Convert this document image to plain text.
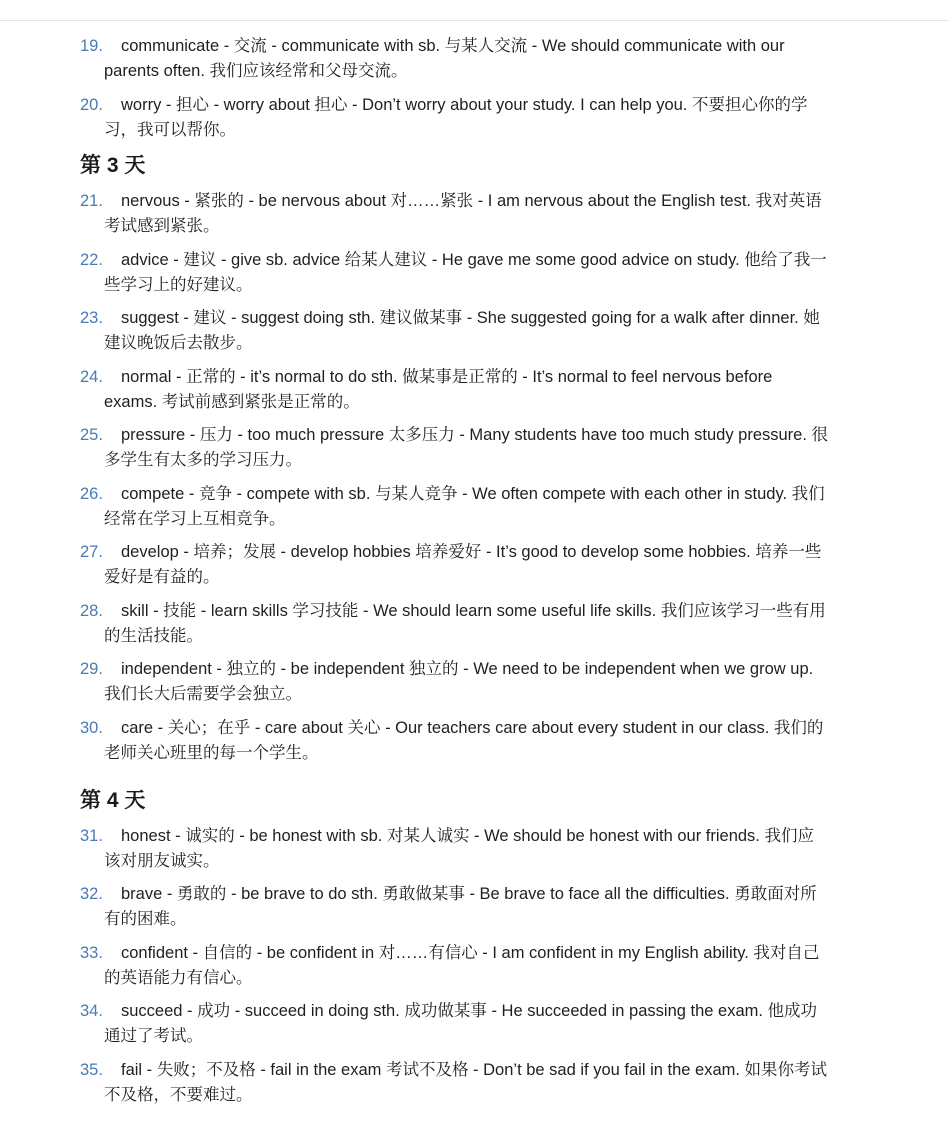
19.	communicate - 交流 - communicate with sb. 与某人交流 - We should communicate with our parents often. 我们应该经常和父母交流。
20.	worry - 担心 - worry about 担心 - Don’t worry about your study. I can help you. 不要担心你的学习，我可以帮你。
第 3 天
21.	nervous - 紧张的 - be nervous about 对……紧张 - I am nervous about the English test. 我对英语考试感到紧张。
22.	advice - 建议 - give sb. advice 给某人建议 - He gave me some good advice on study. 他给了我一些学习上的好建议。
23.	suggest - 建议 - suggest doing sth. 建议做某事 - She suggested going for a walk after dinner. 她建议晚饭后去散步。
24.	normal - 正常的 - it’s normal to do sth. 做某事是正常的 - It’s normal to feel nervous before exams. 考试前感到紧张是正常的。
25.	pressure - 压力 - too much pressure 太多压力 - Many students have too much study pressure. 很多学生有太多的学习压力。
26.	compete - 竞争 - compete with sb. 与某人竞争 - We often compete with each other in study. 我们经常在学习上互相竞争。
27.	develop - 培养；发展 - develop hobbies 培养爱好 - It’s good to develop some hobbies. 培养一些爱好是有益的。
28.	skill - 技能 - learn skills 学习技能 - We should learn some useful life skills. 我们应该学习一些有用的生活技能。
29.	independent - 独立的 - be independent 独立的 - We need to be independent when we grow up. 我们长大后需要学会独立。
30.	care - 关心；在乎 - care about 关心 - Our teachers care about every student in our class. 我们的老师关心班里的每一个学生。
第 4 天
31.	honest - 诚实的 - be honest with sb. 对某人诚实 - We should be honest with our friends. 我们应该对朋友诚实。
32.	brave - 勇敢的 - be brave to do sth. 勇敢做某事 - Be brave to face all the difficulties. 勇敢面对所有的困难。
33.	confident - 自信的 - be confident in 对……有信心 - I am confident in my English ability. 我对自己的英语能力有信心。
34.	succeed - 成功 - succeed in doing sth. 成功做某事 - He succeeded in passing the exam. 他成功通过了考试。
35.	fail - 失败；不及格 - fail in the exam 考试不及格 - Don’t be sad if you fail in the exam. 如果你考试不及格，不要难过。
